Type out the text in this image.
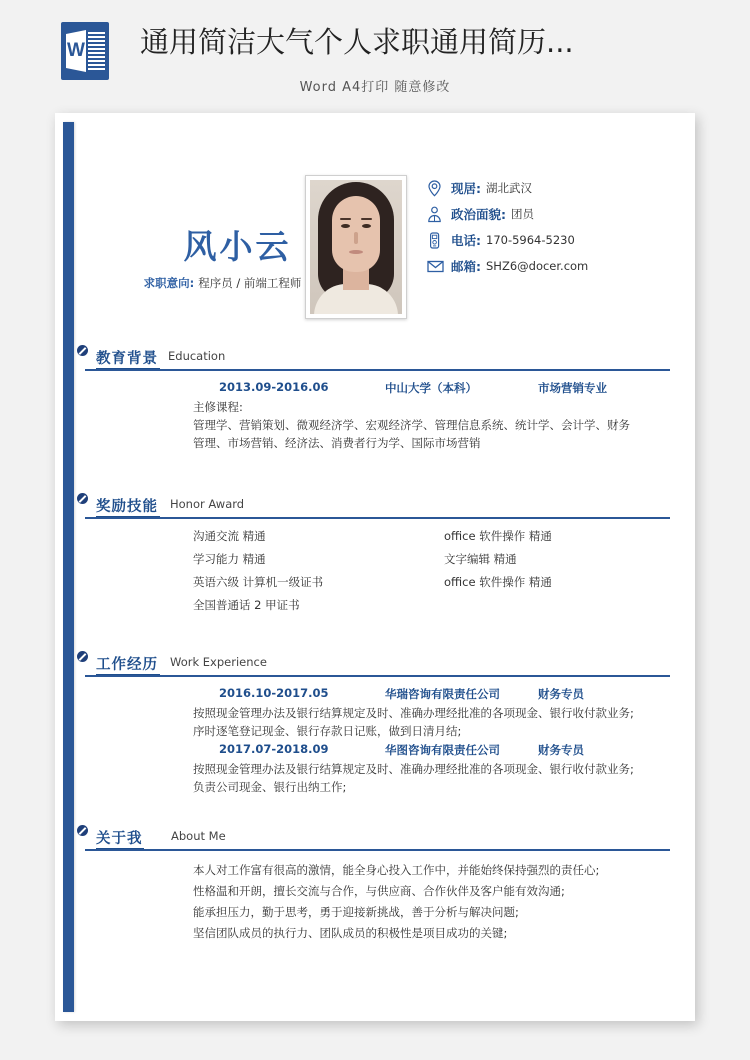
W 通用简洁大气个人求职通用简历...
Word A4打印 随意修改
风小云
求职意向: 程序员 / 前端工程师
现居: 湖北武汉
政治面貌: 团员
电话: 170-5964-5230
邮箱: SHZ6@docer.com
教育背景 Education
2013.09-2016.06	中山大学（本科）	市场营销专业
主修课程:
管理学、营销策划、微观经济学、宏观经济学、管理信息系统、统计学、会计学、财务
管理、市场营销、经济法、消费者行为学、国际市场营销
奖励技能 Honor Award
沟通交流 精通	office 软件操作 精通
学习能力 精通	文字编辑 精通
英语六级 计算机一级证书	office 软件操作 精通
全国普通话 2 甲证书
工作经历 Work Experience
2016.10-2017.05	华瑞咨询有限责任公司	财务专员
按照现金管理办法及银行结算规定及时、准确办理经批准的各项现金、银行收付款业务;
序时逐笔登记现金、银行存款日记账，做到日清月结;
2017.07-2018.09	华图咨询有限责任公司	财务专员
按照现金管理办法及银行结算规定及时、准确办理经批准的各项现金、银行收付款业务;
负责公司现金、银行出纳工作;
关于我 About Me
本人对工作富有很高的激情，能全身心投入工作中，并能始终保持强烈的责任心;
性格温和开朗，擅长交流与合作，与供应商、合作伙伴及客户能有效沟通;
能承担压力，勤于思考，勇于迎接新挑战，善于分析与解决问题;
坚信团队成员的执行力、团队成员的积极性是项目成功的关键;
